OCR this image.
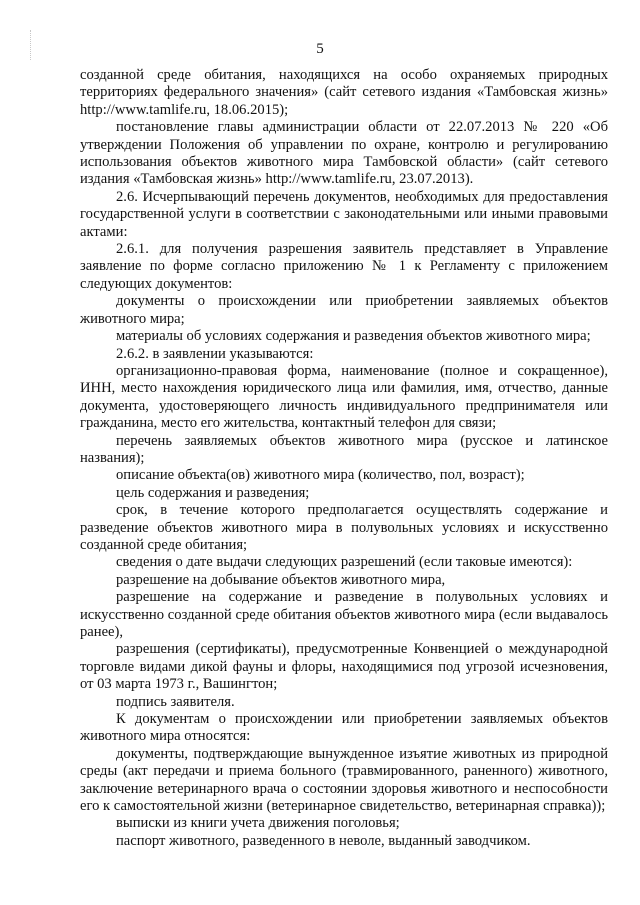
5

созданной среде обитания, находящихся на особо охраняемых природных территориях федерального значения» (сайт сетевого издания «Тамбовская жизнь» http://www.tamlife.ru, 18.06.2015);

постановление главы администрации области от 22.07.2013 № 220 «Об утверждении Положения об управлении по охране, контролю и регулированию использования объектов животного мира Тамбовской области» (сайт сетевого издания «Тамбовская жизнь» http://www.tamlife.ru, 23.07.2013).

2.6. Исчерпывающий перечень документов, необходимых для предоставления государственной услуги в соответствии с законодательными или иными правовыми актами:

2.6.1. для получения разрешения заявитель представляет в Управление заявление по форме согласно приложению № 1 к Регламенту с приложением следующих документов:

документы о происхождении или приобретении заявляемых объектов животного мира;

материалы об условиях содержания и разведения объектов животного мира;

2.6.2. в заявлении указываются:

организационно-правовая форма, наименование (полное и сокращенное), ИНН, место нахождения юридического лица или фамилия, имя, отчество, данные документа, удостоверяющего личность индивидуального предпринимателя или гражданина, место его жительства, контактный телефон для связи;

перечень заявляемых объектов животного мира (русское и латинское названия);

описание объекта(ов) животного мира (количество, пол, возраст);

цель содержания и разведения;

срок, в течение которого предполагается осуществлять содержание и разведение объектов животного мира в полувольных условиях и искусственно созданной среде обитания;

сведения о дате выдачи следующих разрешений (если таковые имеются):

разрешение на добывание объектов животного мира,

разрешение на содержание и разведение в полувольных условиях и искусственно созданной среде обитания объектов животного мира (если выдавалось ранее),

разрешения (сертификаты), предусмотренные Конвенцией о международной торговле видами дикой фауны и флоры, находящимися под угрозой исчезновения, от 03 марта 1973 г., Вашингтон;

подпись заявителя.

К документам о происхождении или приобретении заявляемых объектов животного мира относятся:

документы, подтверждающие вынужденное изъятие животных из природной среды (акт передачи и приема больного (травмированного, раненного) животного, заключение ветеринарного врача о состоянии здоровья животного и неспособности его к самостоятельной жизни (ветеринарное свидетельство, ветеринарная справка));

выписки из книги учета движения поголовья;

паспорт животного, разведенного в неволе, выданный заводчиком.
